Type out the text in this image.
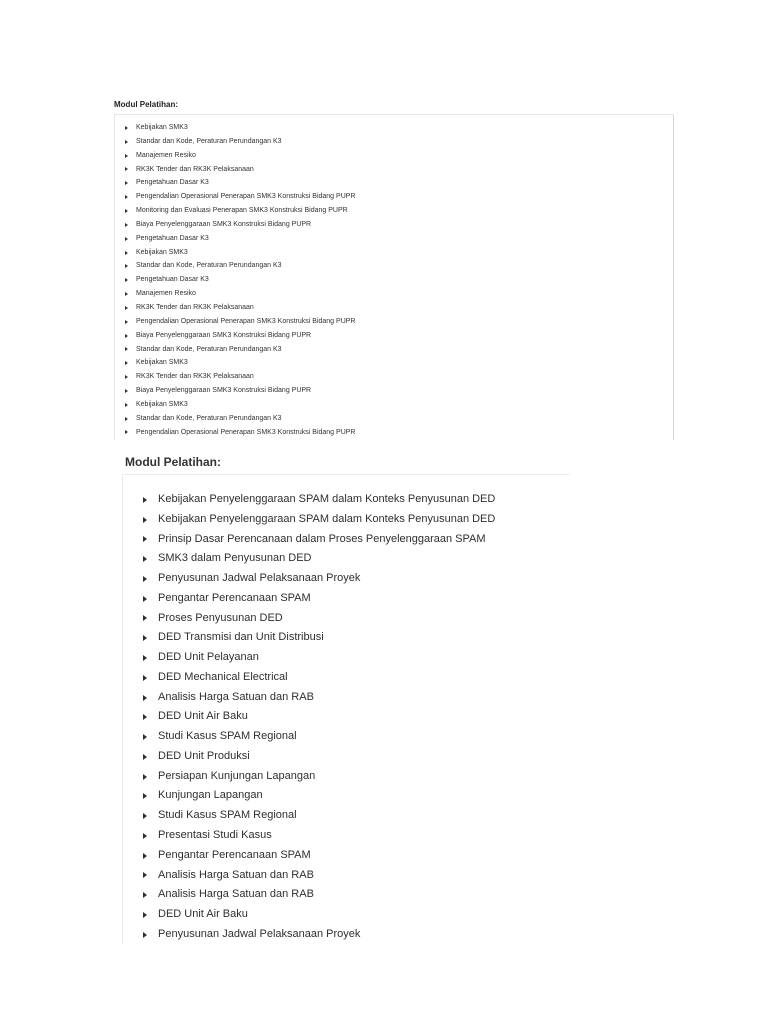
Modul Pelatihan:
Kebijakan SMK3
Standar dan Kode, Peraturan Perundangan K3
Manajemen Resiko
RK3K Tender dan RK3K Pelaksanaan
Pengetahuan Dasar K3
Pengendalian Operasional Penerapan SMK3 Konstruksi Bidang PUPR
Monitoring dan Evaluasi Penerapan SMK3 Konstruksi Bidang PUPR
Biaya Penyelenggaraan SMK3 Konstruksi Bidang PUPR
Pengetahuan Dasar K3
Kebijakan SMK3
Standar dan Kode, Peraturan Perundangan K3
Pengetahuan Dasar K3
Manajemen Resiko
RK3K Tender dan RK3K Pelaksanaan
Pengendalian Operasional Penerapan SMK3 Konstruksi Bidang PUPR
Biaya Penyelenggaraan SMK3 Konstruksi Bidang PUPR
Standar dan Kode, Peraturan Perundangan K3
Kebijakan SMK3
RK3K Tender dan RK3K Pelaksanaan
Biaya Penyelenggaraan SMK3 Konstruksi Bidang PUPR
Kebijakan SMK3
Standar dan Kode, Peraturan Perundangan K3
Pengendalian Operasional Penerapan SMK3 Konstruksi Bidang PUPR
Modul Pelatihan:
Kebijakan Penyelenggaraan SPAM dalam Konteks Penyusunan DED
Kebijakan Penyelenggaraan SPAM dalam Konteks Penyusunan DED
Prinsip Dasar Perencanaan dalam Proses Penyelenggaraan SPAM
SMK3 dalam Penyusunan DED
Penyusunan Jadwal Pelaksanaan Proyek
Pengantar Perencanaan SPAM
Proses Penyusunan DED
DED Transmisi dan Unit Distribusi
DED Unit Pelayanan
DED Mechanical Electrical
Analisis Harga Satuan dan RAB
DED Unit Air Baku
Studi Kasus SPAM Regional
DED Unit Produksi
Persiapan Kunjungan Lapangan
Kunjungan Lapangan
Studi Kasus SPAM Regional
Presentasi Studi Kasus
Pengantar Perencanaan SPAM
Analisis Harga Satuan dan RAB
Analisis Harga Satuan dan RAB
DED Unit Air Baku
Penyusunan Jadwal Pelaksanaan Proyek
